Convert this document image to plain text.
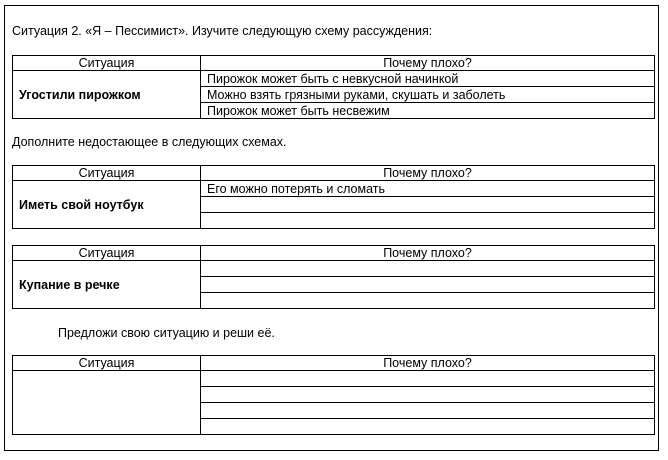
Ситуация 2. «Я – Пессимист». Изучите следующую схему рассуждения:
Ситуация	Почему плохо?
Угостили пирожком	Пирожок может быть с невкусной начинкой
	Можно взять грязными руками, скушать и заболеть
	Пирожок может быть несвежим
Дополните недостающее в следующих схемах.
Ситуация	Почему плохо?
Иметь свой ноутбук	Его можно потерять и сломать

Ситуация	Почему плохо?
Купание в речке	

Предложи свою ситуацию и реши её.
Ситуация	Почему плохо?
